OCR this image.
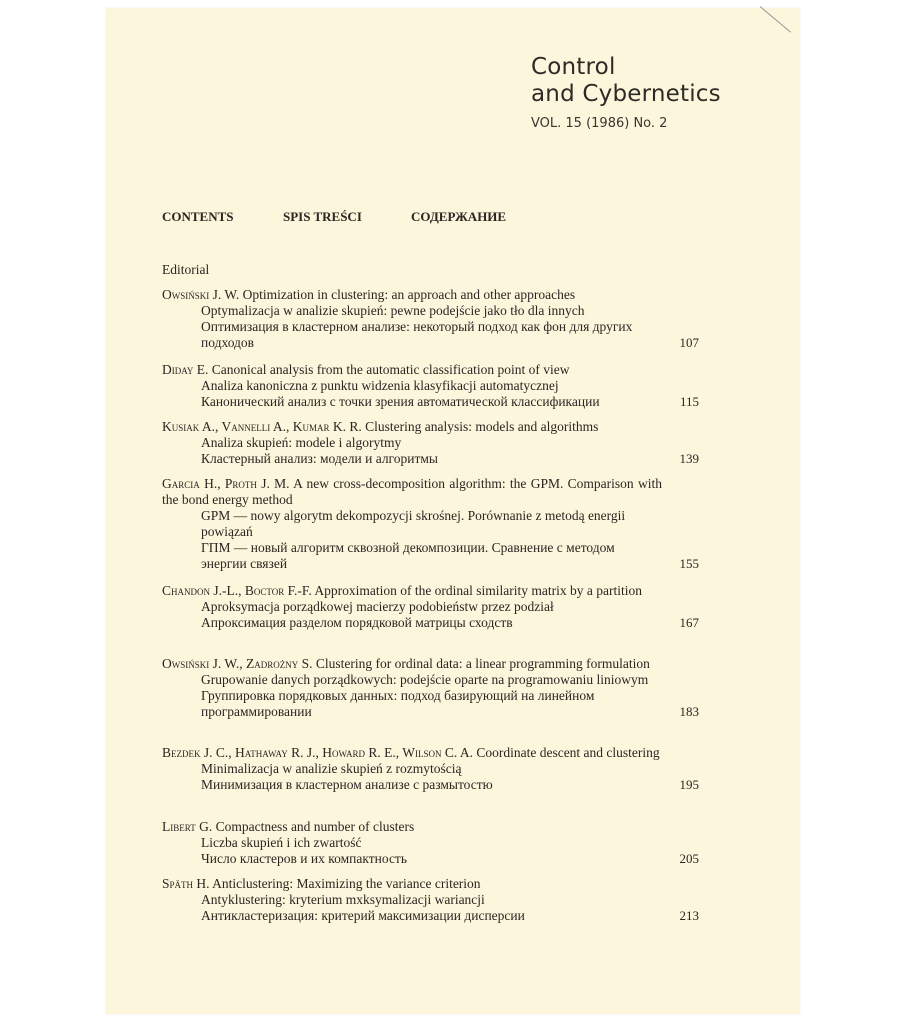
Control
and Cybernetics
VOL. 15 (1986) No. 2
CONTENTS	SPIS TREŚCI	СОДЕРЖАНИЕ
Editorial
Owsiński J. W. Optimization in clustering: an approach and other approaches
Optymalizacja w analizie skupień: pewne podejście jako tło dla innych
Оптимизация в кластерном анализе: некоторый подход как фон для других подходов	107
Diday E. Canonical analysis from the automatic classification point of view
Analiza kanoniczna z punktu widzenia klasyfikacji automatycznej
Канонический анализ с точки зрения автоматической классификации	115
Kusiak A., Vannelli A., Kumar K. R. Clustering analysis: models and algorithms
Analiza skupień: modele i algorytmy
Кластерный анализ: модели и алгоритмы	139
Garcia H., Proth J. M. A new cross-decomposition algorithm: the GPM. Comparison with the bond energy method
GPM — nowy algorytm dekompozycji skrośnej. Porównanie z metodą energii powiązań
ГПМ — новый алгоритм сквозной декомпозиции. Сравнение с методом энергии связей	155
Chandon J.-L., Boctor F.-F. Approximation of the ordinal similarity matrix by a partition
Aproksymacja porządkowej macierzy podobieństw przez podział
Апроксимация разделом порядковой матрицы сходств	167
Owsiński J. W., Zadrożny S. Clustering for ordinal data: a linear programming formulation
Grupowanie danych porządkowych: podejście oparte na programowaniu liniowym
Группировка порядковых данных: подход базирующий на линейном программировании	183
Bezdek J. C., Hathaway R. J., Howard R. E., Wilson C. A. Coordinate descent and clustering
Minimalizacja w analizie skupień z rozmytością
Минимизация в кластерном анализе с размытостю	195
Libert G. Compactness and number of clusters
Liczba skupień i ich zwartość
Число кластеров и их компактность	205
Späth H. Anticlustering: Maximizing the variance criterion
Antyklustering: kryterium mxksymalizacji wariancji
Антикластеризация: критерий максимизации дисперсии	213
